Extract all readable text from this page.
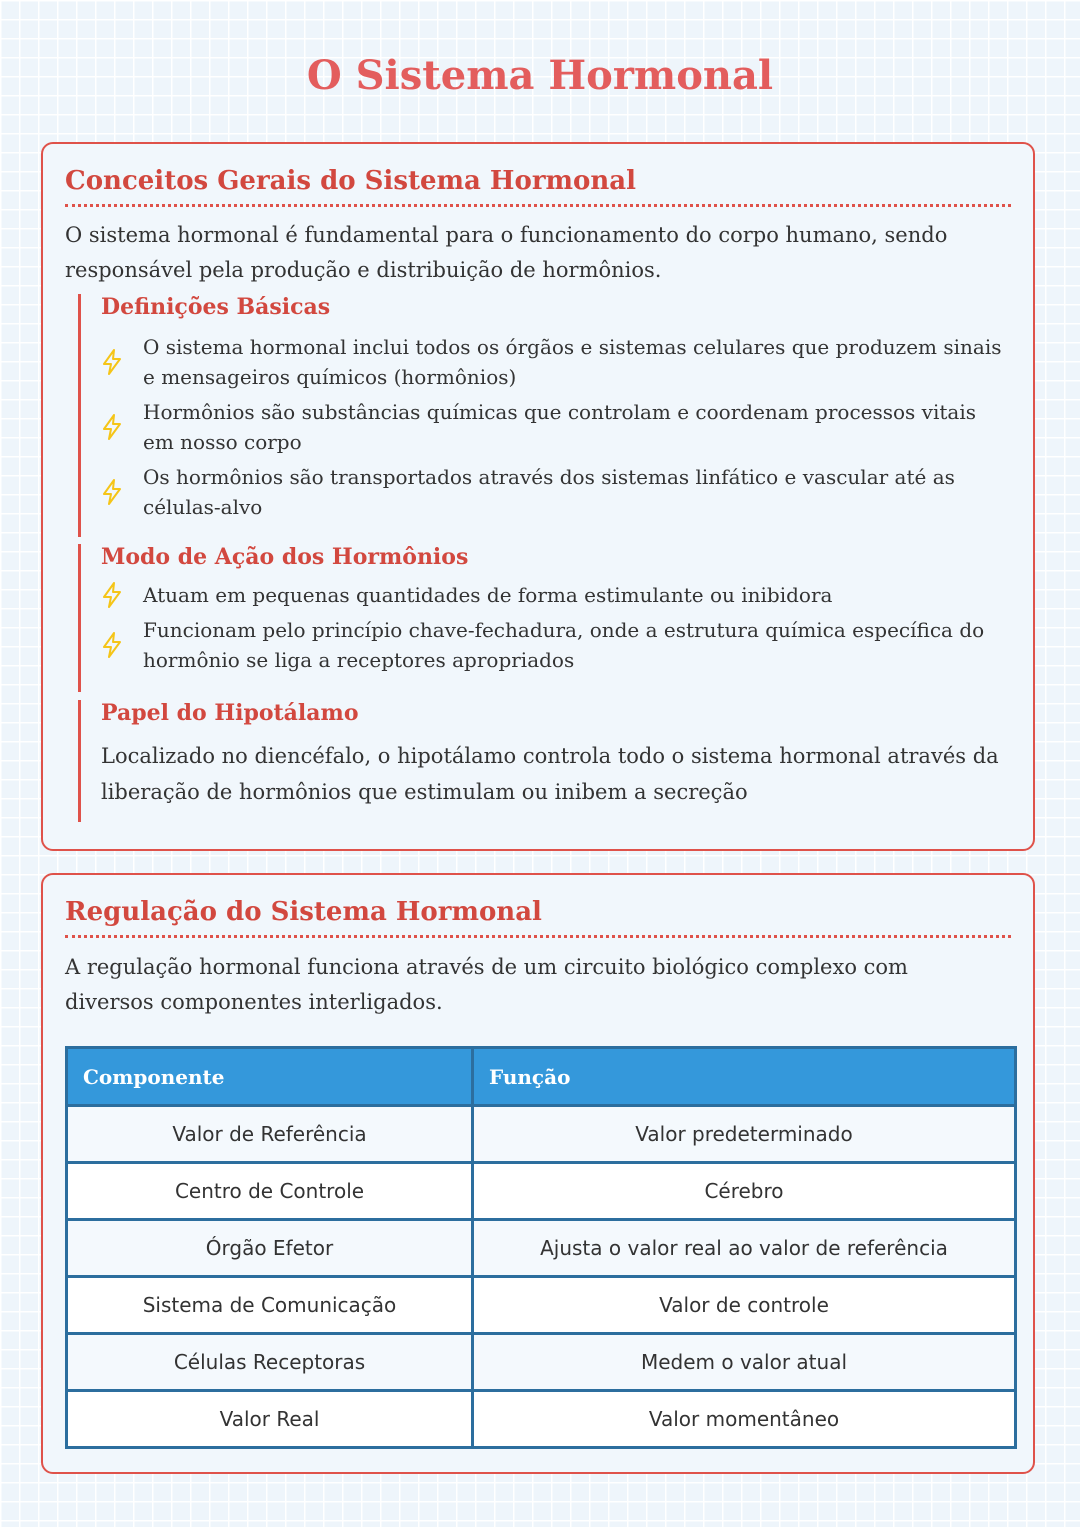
O Sistema Hormonal
Conceitos Gerais do Sistema Hormonal

O sistema hormonal é fundamental para o funcionamento do corpo humano, sendo responsável pela produção e distribuição de hormônios.

Definições Básicas
O sistema hormonal inclui todos os órgãos e sistemas celulares que produzem sinais e mensageiros químicos (hormônios)
Hormônios são substâncias químicas que controlam e coordenam processos vitais em nosso corpo
Os hormônios são transportados através dos sistemas linfático e vascular até as células-alvo
Modo de Ação dos Hormônios
Atuam em pequenas quantidades de forma estimulante ou inibidora
Funcionam pelo princípio chave-fechadura, onde a estrutura química específica do hormônio se liga a receptores apropriados
Papel do Hipotálamo

Localizado no diencéfalo, o hipotálamo controla todo o sistema hormonal através da liberação de hormônios que estimulam ou inibem a secreção

Regulação do Sistema Hormonal

A regulação hormonal funciona através de um circuito biológico complexo com diversos componentes interligados.

Componente	Função
Valor de Referência	Valor predeterminado
Centro de Controle	Cérebro
Órgão Efetor	Ajusta o valor real ao valor de referência
Sistema de Comunicação	Valor de controle
Células Receptoras	Medem o valor atual
Valor Real	Valor momentâneo
